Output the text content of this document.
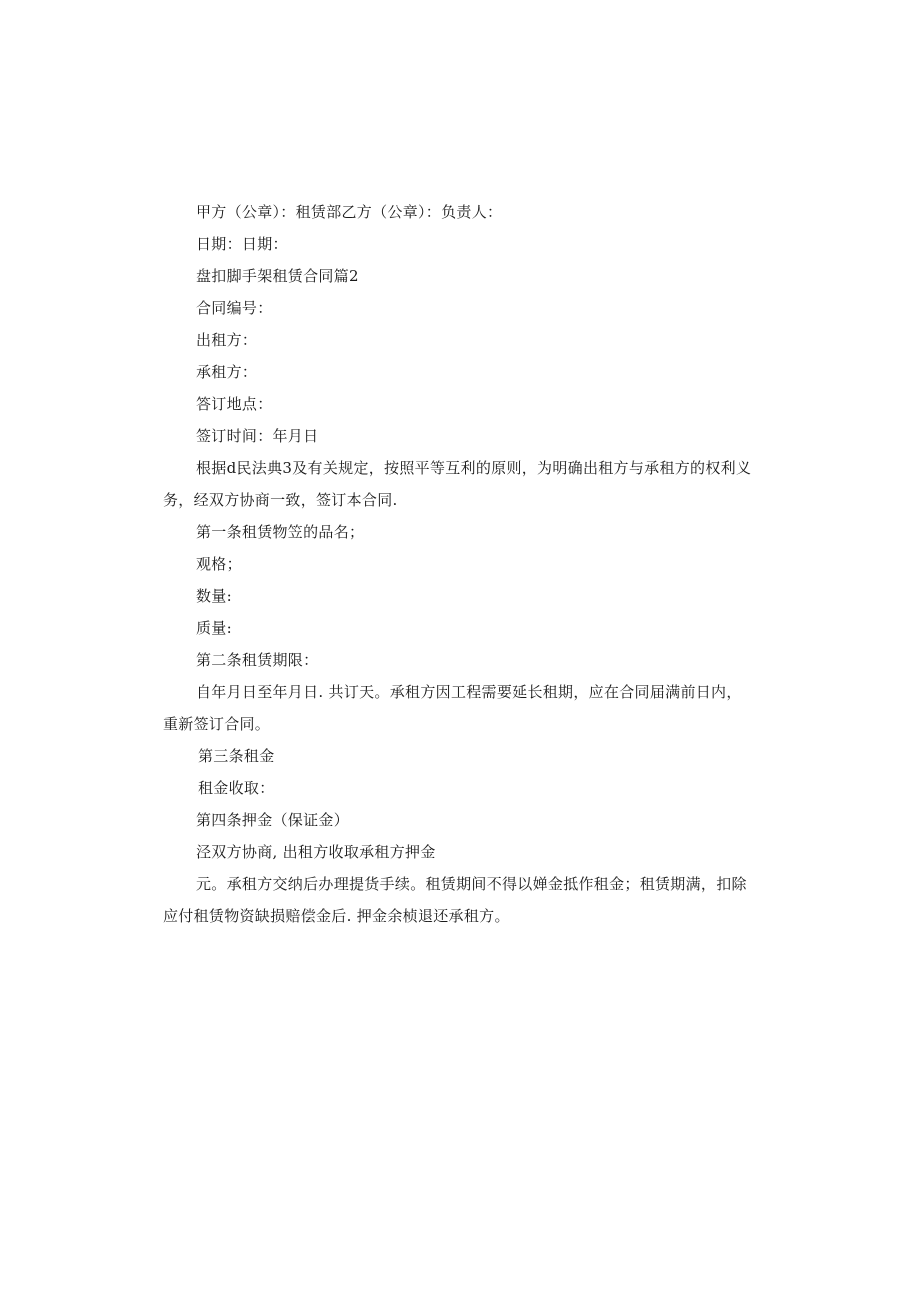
甲方（公章）：租赁部乙方（公章）：负责人：
日期：日期：
盘扣脚手架租赁合同篇2
合同编号：
出租方：
承租方：
答订地点：
签订时间：年月日
根据d民法典3及有关规定，按照平等互利的原则，为明确出租方与承租方的权利义
务，经双方协商一致，签订本合同.
第一条租赁物笠的品名；
观格；
数量:
质量:
第二条租赁期限：
自年月日至年月日. 共订天。承租方因工程需要延长租期，应在合同届满前日内，
重新签订合同。
第三条租金
租金收取：
第四条押金（保证金）
泾双方协商, 出租方收取承租方押金
元。承租方交纳后办理提货手续。租赁期间不得以婵金抵作租金；租赁期满，扣除
应付租赁物资缺损赔偿金后. 押金余桢退还承租方。
